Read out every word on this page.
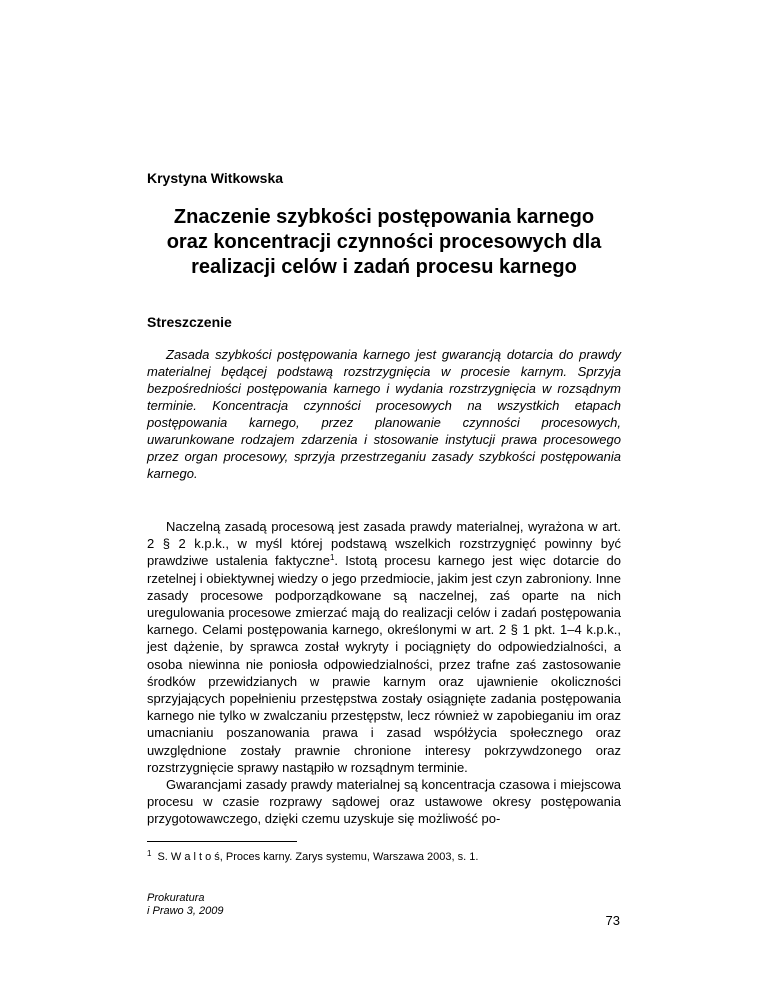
Krystyna Witkowska
Znaczenie szybkości postępowania karnego
oraz koncentracji czynności procesowych dla
realizacji celów i zadań procesu karnego
Streszczenie

Zasada szybkości postępowania karnego jest gwarancją dotarcia do prawdy materialnej będącej podstawą rozstrzygnięcia w procesie karnym. Sprzyja bezpośredniości postępowania karnego i wydania rozstrzygnięcia w rozsądnym terminie. Koncentracja czynności procesowych na wszystkich etapach postępowania karnego, przez planowanie czynności procesowych, uwarunkowane rodzajem zdarzenia i stosowanie instytucji prawa procesowego przez organ procesowy, sprzyja przestrzeganiu zasady szybkości postępowania karnego.

Naczelną zasadą procesową jest zasada prawdy materialnej, wyrażona w art. 2 § 2 k.p.k., w myśl której podstawą wszelkich rozstrzygnięć powinny być prawdziwe ustalenia faktyczne$^1$. Istotą procesu karnego jest więc dotarcie do rzetelnej i obiektywnej wiedzy o jego przedmiocie, jakim jest czyn zabroniony. Inne zasady procesowe podporządkowane są naczelnej, zaś oparte na nich uregulowania procesowe zmierzać mają do realizacji celów i zadań postępowania karnego. Celami postępowania karnego, określonymi w art. 2 § 1 pkt. 1–4 k.p.k., jest dążenie, by sprawca został wykryty i pociągnięty do odpowiedzialności, a osoba niewinna nie poniosła odpowiedzialności, przez trafne zaś zastosowanie środków przewidzianych w prawie karnym oraz ujawnienie okoliczności sprzyjających popełnieniu przestępstwa zostały osiągnięte zadania postępowania karnego nie tylko w zwalczaniu przestępstw, lecz również w zapobieganiu im oraz umacnianiu poszanowania prawa i zasad współżycia społecznego oraz uwzględnione zostały prawnie chronione interesy pokrzywdzonego oraz rozstrzygnięcie sprawy nastąpiło w rozsądnym terminie.

Gwarancjami zasady prawdy materialnej są koncentracja czasowa i miejscowa procesu w czasie rozprawy sądowej oraz ustawowe okresy postępowania przygotowawczego, dzięki czemu uzyskuje się możliwość po-

$^1$ S. W a l t o ś, Proces karny. Zarys systemu, Warszawa 2003, s. 1.
Prokuratura
i Prawo 3, 2009
73
